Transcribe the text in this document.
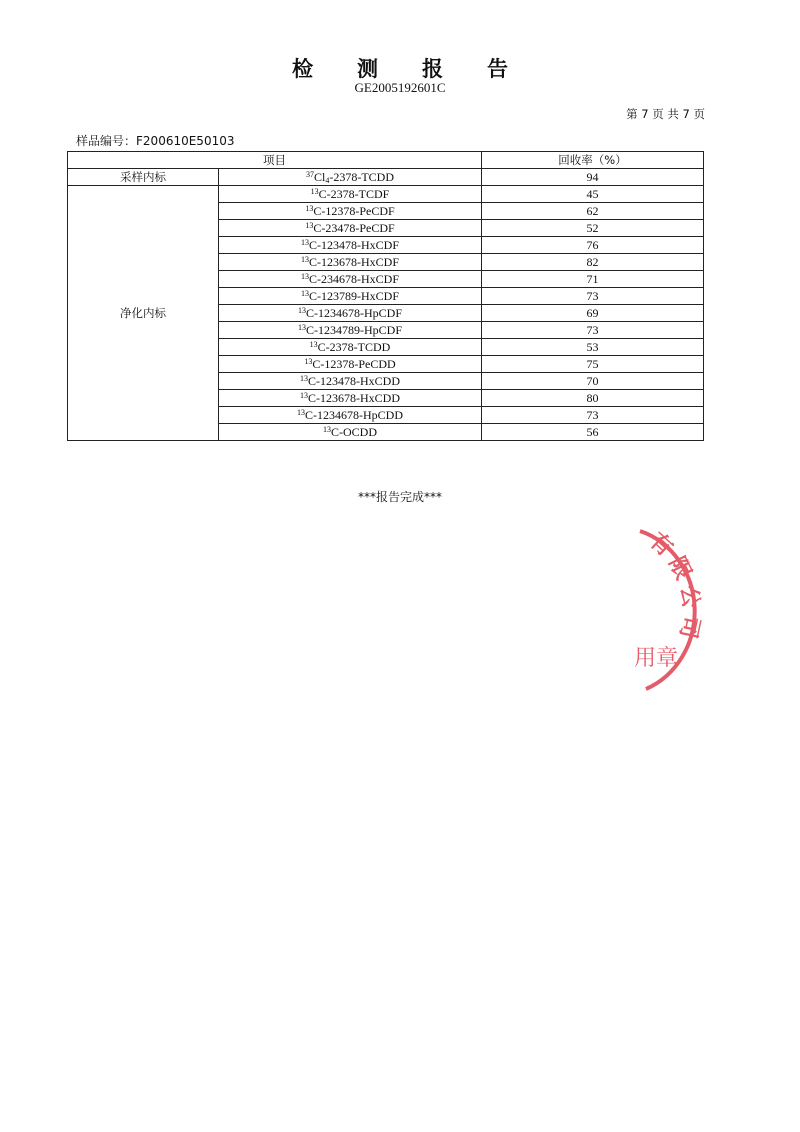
检 测 报 告
GE2005192601C
第 7 页 共 7 页
样品编号：F200610E50103
项目		回收率（%）
采样内标	$^{37}Cl_4-2378$-TCDD	94
净化内标	$^{13}$C-2378-TCDF	45
	$^{13}$C-12378-PeCDF	62
	$^{13}$C-23478-PeCDF	52
	$^{13}$C-123478-HxCDF	76
	$^{13}$C-123678-HxCDF	82
	$^{13}$C-234678-HxCDF	71
	$^{13}$C-123789-HxCDF	73
	$^{13}$C-1234678-HpCDF	69
	$^{13}$C-1234789-HpCDF	73
	$^{13}$C-2378-TCDD	53
	$^{13}$C-12378-PeCDD	75
	$^{13}$C-123478-HxCDD	70
	$^{13}$C-123678-HxCDD	80
	$^{13}$C-1234678-HpCDD	73
	$^{13}$C-OCDD	56
***报告完成***
有限公司
用章
